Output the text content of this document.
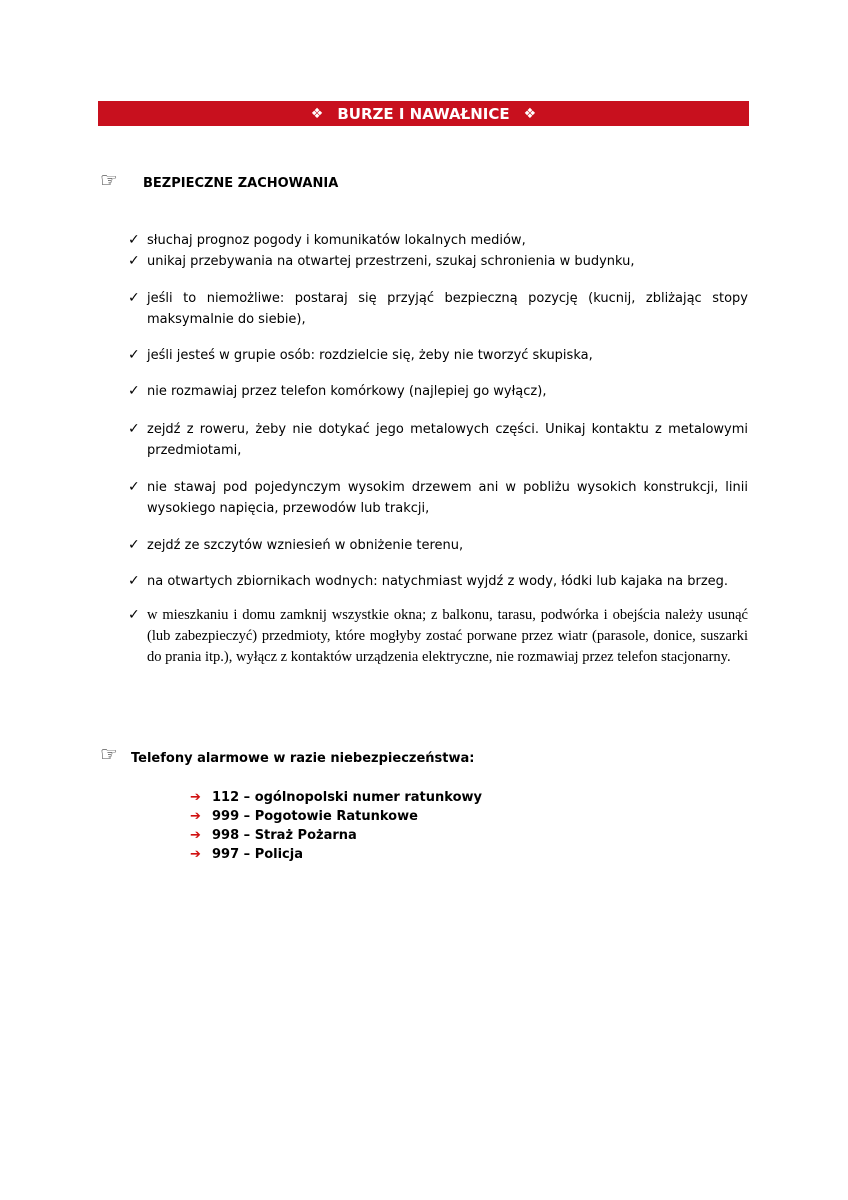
❖ BURZE I NAWAŁNICE ❖
☞ BEZPIECZNE ZACHOWANIA
✓ słuchaj prognoz pogody i komunikatów lokalnych mediów,
✓ unikaj przebywania na otwartej przestrzeni, szukaj schronienia w budynku,
✓ jeśli to niemożliwe: postaraj się przyjąć bezpieczną pozycję (kucnij, zbliżając stopy maksymalnie do siebie),
✓ jeśli jesteś w grupie osób: rozdzielcie się, żeby nie tworzyć skupiska,
✓ nie rozmawiaj przez telefon komórkowy (najlepiej go wyłącz),
✓ zejdź z roweru, żeby nie dotykać jego metalowych części. Unikaj kontaktu z metalowymi przedmiotami,
✓ nie stawaj pod pojedynczym wysokim drzewem ani w pobliżu wysokich konstrukcji, linii wysokiego napięcia, przewodów lub trakcji,
✓ zejdź ze szczytów wzniesień w obniżenie terenu,
✓ na otwartych zbiornikach wodnych: natychmiast wyjdź z wody, łódki lub kajaka na brzeg.
✓ w mieszkaniu i domu zamknij wszystkie okna; z balkonu, tarasu, podwórka i obejścia należy usunąć (lub zabezpieczyć) przedmioty, które mogłyby zostać porwane przez wiatr (parasole, donice, suszarki do prania itp.), wyłącz z kontaktów urządzenia elektryczne, nie rozmawiaj przez telefon stacjonarny.
☞ Telefony alarmowe w razie niebezpieczeństwa:
➔ 112 – ogólnopolski numer ratunkowy
➔ 999 – Pogotowie Ratunkowe
➔ 998 – Straż Pożarna
➔ 997 – Policja
